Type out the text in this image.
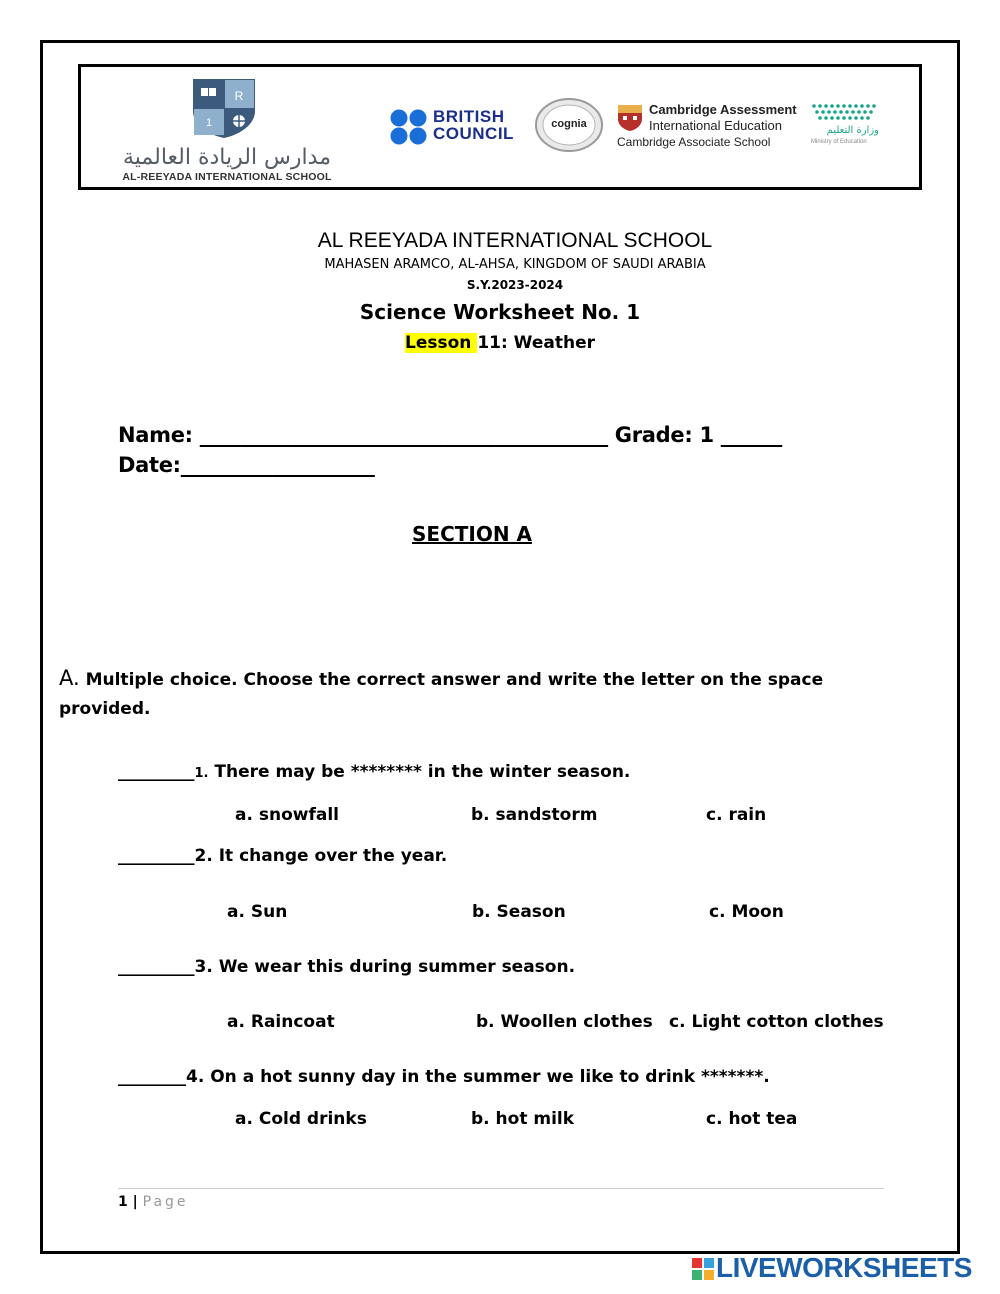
R
1
مدارس الريادة العالمية
AL-REEYADA INTERNATIONAL SCHOOL
BRITISH
COUNCIL	cognia
Cambridge Assessment
International Education
Cambridge Associate School
وزارة التعليم
Ministry of Education
AL REEYADA INTERNATIONAL SCHOOL
MAHASEN ARAMCO, AL-AHSA, KINGDOM OF SAUDI ARABIA
S.Y.2023-2024
Science Worksheet No. 1
Lesson 11: Weather
Name: ________________________________________ Grade: 1 ______
Date:___________________
SECTION A
A. Multiple choice. Choose the correct answer and write the letter on the space provided.
_________1. There may be ******** in the winter season.
a. snowfall	b. sandstorm	c. rain
_________2. It change over the year.
a. Sun	b. Season	c. Moon
_________3. We wear this during summer season.
a. Raincoat	b. Woollen clothes c. Light cotton clothes
________4. On a hot sunny day in the summer we like to drink *******.
a. Cold drinks	b. hot milk	c. hot tea
1 | Page
LIVEWORKSHEETS
